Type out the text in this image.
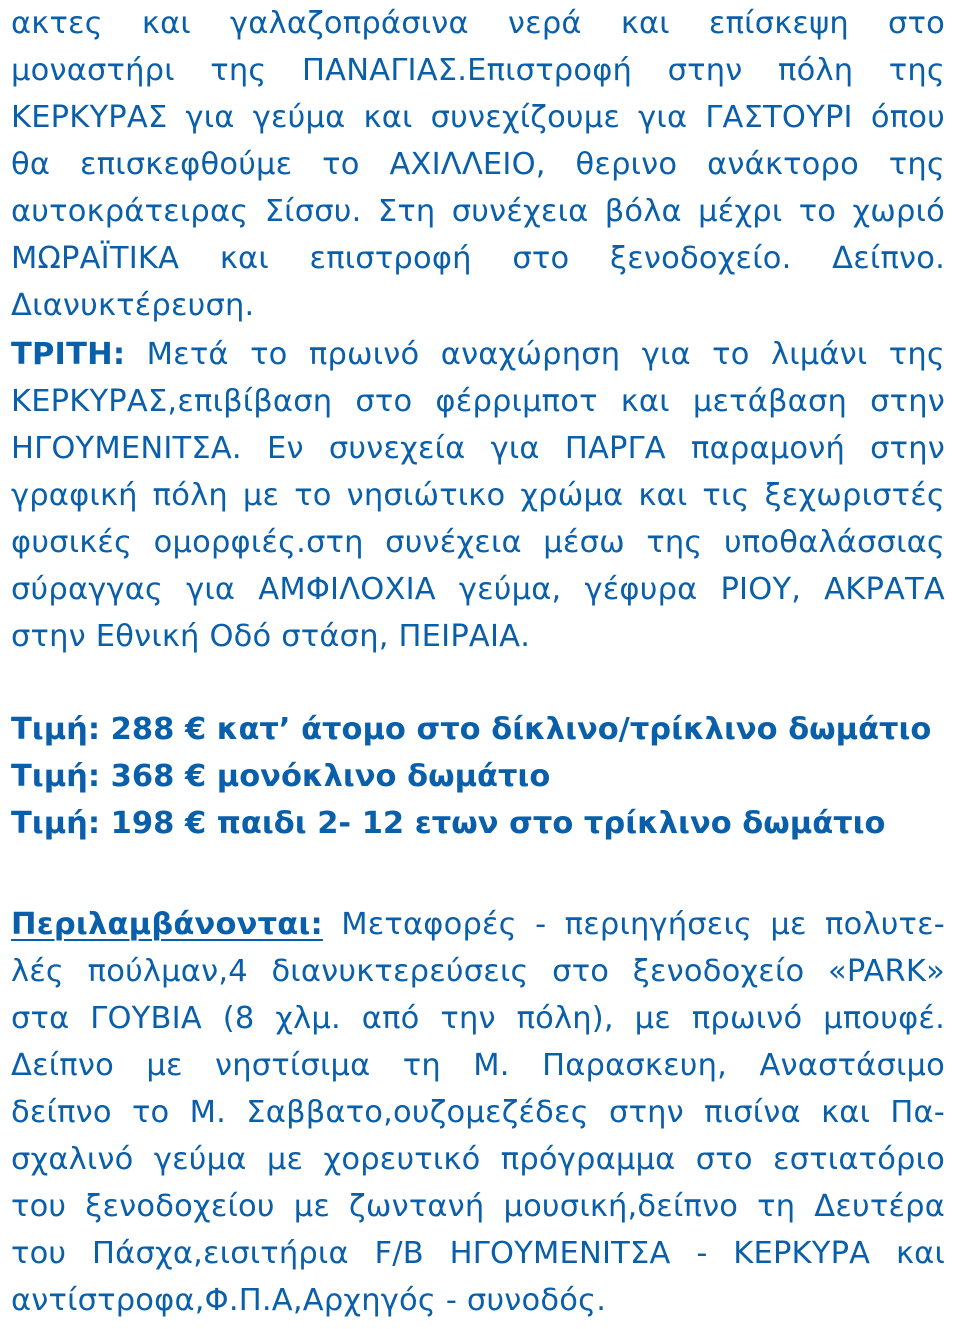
ακτες και γαλαζοπράσινα νερά και επίσκεψη στο
μοναστήρι της ΠΑΝΑΓΙΑΣ.Επιστροφή στην πόλη της
ΚΕΡΚΥΡΑΣ για γεύμα και συνεχίζουμε για ΓΑΣΤΟΥΡΙ όπου
θα επισκεφθούμε το ΑΧΙΛΛΕΙΟ, θερινο ανάκτορο της
αυτοκράτειρας Σίσσυ. Στη συνέχεια βόλα μέχρι το χωριό
ΜΩΡΑΪΤΙΚΑ και επιστροφή στο ξενοδοχείο. Δείπνο.
Διανυκτέρευση.
ΤΡΙΤΗ: Μετά το πρωινό αναχώρηση για το λιμάνι της
ΚΕΡΚΥΡΑΣ,επιβίβαση στο φέρριμποτ και μετάβαση στην
ΗΓΟΥΜΕΝΙΤΣΑ. Εν συνεχεία για ΠΑΡΓΑ παραμονή στην
γραφική πόλη με το νησιώτικο χρώμα και τις ξεχωριστές
φυσικές ομορφιές.στη συνέχεια μέσω της υποθαλάσσιας
σύραγγας για ΑΜΦΙΛΟΧΙΑ γεύμα, γέφυρα ΡΙΟΥ, ΑΚΡΑΤΑ
στην Εθνική Οδό στάση, ΠΕΙΡΑΙΑ.
Τιμή: 288 € κατ’ άτομο στο δίκλινο/τρίκλινο δωμάτιο
Τιμή: 368 € μονόκλινο δωμάτιο
Τιμή: 198 € παιδι 2- 12 ετων στο τρίκλινο δωμάτιο
Περιλαμβάνονται: Μεταφορές - περιηγήσεις με πολυτε-
λές πούλμαν,4 διανυκτερεύσεις στο ξενοδοχείο «PARK»
στα ΓΟΥΒΙΑ (8 χλμ. από την πόλη), με πρωινό μπουφέ.
Δείπνο με νηστίσιμα τη Μ. Παρασκευη, Αναστάσιμο
δείπνο το Μ. Σαββατο,ουζομεζέδες στην πισίνα και Πα-
σχαλινό γεύμα με χορευτικό πρόγραμμα στο εστιατόριο
του ξενοδοχείου με ζωντανή μουσική,δείπνο τη Δευτέρα
του Πάσχα,εισιτήρια F/B ΗΓΟΥΜΕΝΙΤΣΑ - ΚΕΡΚΥΡΑ και
αντίστροφα,Φ.Π.Α,Αρχηγός - συνοδός.
